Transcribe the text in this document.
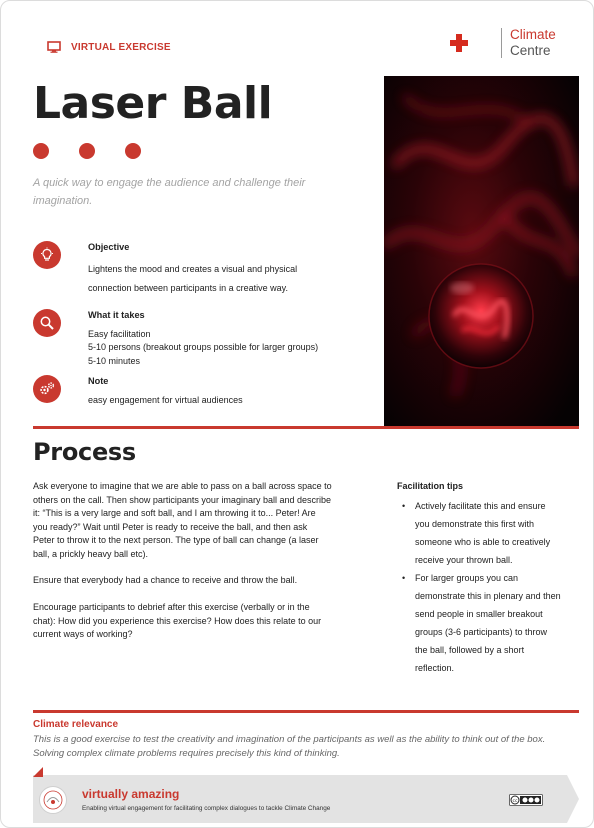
VIRTUAL EXERCISE
Climate
Centre
Laser Ball
A quick way to engage the audience and challenge their
imagination.
Objective
Lightens the mood and creates a visual and physical
connection between participants in a creative way.
What it takes
Easy facilitation
5-10 persons (breakout groups possible for larger groups)
5-10 minutes
Note
easy engagement for virtual audiences
Process
Ask everyone to imagine that we are able to pass on a ball across space to
others on the call. Then show participants your imaginary ball and describe
it: “This is a very large and soft ball, and I am throwing it to... Peter! Are
you ready?” Wait until Peter is ready to receive the ball, and then ask
Peter to throw it to the next person. The type of ball can change (a laser
ball, a prickly heavy ball etc).
Ensure that everybody had a chance to receive and throw the ball.
Encourage participants to debrief after this exercise (verbally or in the
chat): How did you experience this exercise? How does this relate to our
current ways of working?
Facilitation tips
• Actively facilitate this and ensure
you demonstrate this first with
someone who is able to creatively
receive your thrown ball.
• For larger groups you can
demonstrate this in plenary and then
send people in smaller breakout
groups (3-6 participants) to throw
the ball, followed by a short
reflection.
Climate relevance
This is a good exercise to test the creativity and imagination of the participants as well as the ability to think out of the box.
Solving complex climate problems requires precisely this kind of thinking.
virtually amazing
Enabling virtual engagement for facilitating complex dialogues to tackle Climate Change
cc
